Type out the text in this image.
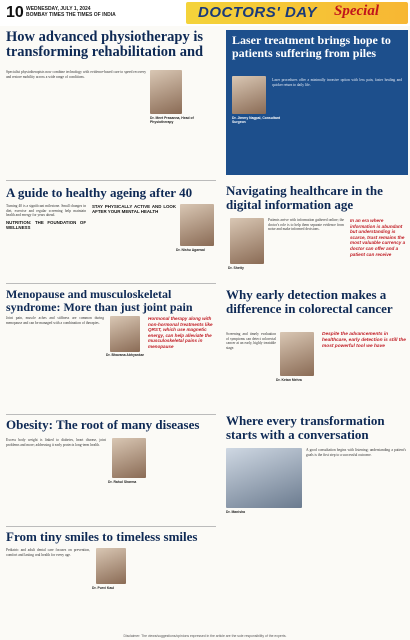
10 WEDNESDAY, JULY 1, 2024
BOMBAY TIMES THE TIMES OF INDIA	DOCTORS' DAY Special
How advanced physiotherapy is transforming rehabilitation and
Dr. Meet Prasanna, Head of Physiotherapy

Specialist physiotherapists now combine technology with evidence-based care to speed recovery and restore mobility across a wide range of conditions.

Laser treatment brings hope to patients suffering from piles
Dr. Jimmy Nagpal, Consultant Surgeon

Laser procedures offer a minimally invasive option with less pain, faster healing and quicker return to daily life.

A guide to healthy ageing after 40
Dr. Nishu Agarwal

Turning 40 is a significant milestone. Small changes in diet, exercise and regular screening help maintain health and energy for years ahead.

NUTRITION: THE FOUNDATION OF WELLNESS
STAY PHYSICALLY ACTIVE AND LOOK AFTER YOUR MENTAL HEALTH
Navigating healthcare in the digital information age
Dr. Shetty

Patients arrive with information gathered online; the doctor's role is to help them separate evidence from noise and make informed decisions.

In an era where information is abundant but understanding is scarce, trust remains the most valuable currency a doctor can offer and a patient can receive
Menopause and musculoskeletal syndrome: More than just joint pain
Dr. Bhavana Abhyankar
Hormonal therapy along with non-hormonal treatments like QRST, which use magnetic energy, can help alleviate the musculoskeletal pains in menopause

Joint pain, muscle aches and stiffness are common during menopause and can be managed with a combination of therapies.

Why early detection makes a difference in colorectal cancer
Dr. Ketan Mehra

Screening and timely evaluation of symptoms can detect colorectal cancer at an early, highly treatable stage.

Despite the advancements in healthcare, early detection is still the most powerful tool we have
Obesity: The root of many diseases
Dr. Rahul Sharma

Excess body weight is linked to diabetes, heart disease, joint problems and more; addressing it early protects long-term health.

Where every transformation starts with a conversation
Dr. Manisha

A good consultation begins with listening; understanding a patient's goals is the first step to a successful outcome.

From tiny smiles to timeless smiles
Dr. Purvi Kaul

Pediatric and adult dental care focuses on prevention, comfort and lasting oral health for every age.

Disclaimer: The views/suggestions/opinions expressed in the article are the sole responsibility of the experts.
